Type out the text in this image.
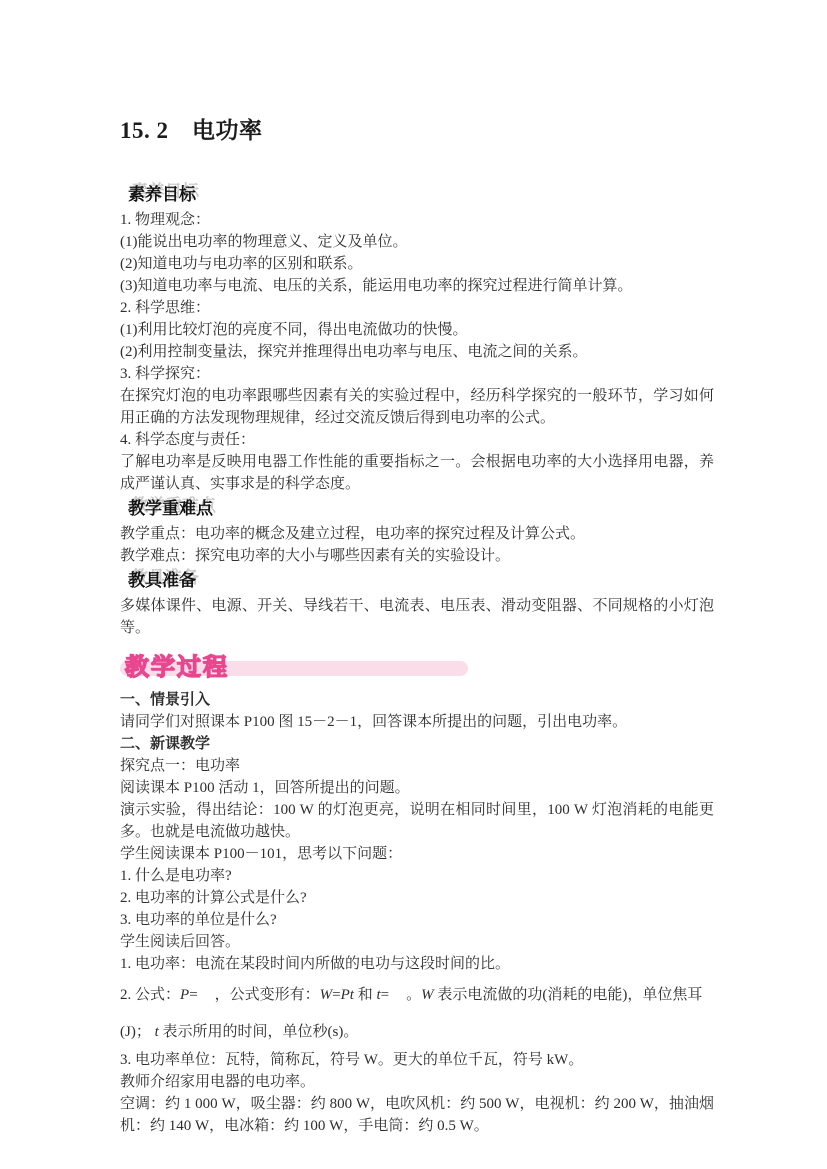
15. 2　电功率
素养目标

1. 物理观念：

(1)能说出电功率的物理意义、定义及单位。

(2)知道电功与电功率的区别和联系。

(3)知道电功率与电流、电压的关系，能运用电功率的探究过程进行简单计算。

2. 科学思维：

(1)利用比较灯泡的亮度不同，得出电流做功的快慢。

(2)利用控制变量法，探究并推理得出电功率与电压、电流之间的关系。

3. 科学探究：

在探究灯泡的电功率跟哪些因素有关的实验过程中，经历科学探究的一般环节，学习如何用正确的方法发现物理规律，经过交流反馈后得到电功率的公式。

4. 科学态度与责任：

了解电功率是反映用电器工作性能的重要指标之一。会根据电功率的大小选择用电器，养成严谨认真、实事求是的科学态度。

教学重难点

教学重点：电功率的概念及建立过程，电功率的探究过程及计算公式。

教学难点：探究电功率的大小与哪些因素有关的实验设计。

教具准备

多媒体课件、电源、开关、导线若干、电流表、电压表、滑动变阻器、不同规格的小灯泡等。

教学过程

一、情景引入

请同学们对照课本 P100 图 15－2－1，回答课本所提出的问题，引出电功率。

二、新课教学

探究点一：电功率

阅读课本 P100 活动 1，回答所提出的问题。

演示实验，得出结论：100 W 的灯泡更亮，说明在相同时间里，100 W 灯泡消耗的电能更多。也就是电流做功越快。

学生阅读课本 P100－101，思考以下问题：

1. 什么是电功率?

2. 电功率的计算公式是什么?

3. 电功率的单位是什么?

学生阅读后回答。

1. 电功率：电流在某段时间内所做的电功与这段时间的比。

2. 公式：P= ，公式变形有：W=Pt 和 t= 。W 表示电流做的功(消耗的电能)，单位焦耳

(J)； t 表示所用的时间，单位秒(s)。

3. 电功率单位：瓦特，简称瓦，符号 W。更大的单位千瓦，符号 kW。

教师介绍家用电器的电功率。

空调：约 1 000 W，吸尘器：约 800 W，电吹风机：约 500 W，电视机：约 200 W，抽油烟机：约 140 W，电冰箱：约 100 W，手电筒：约 0.5 W。
